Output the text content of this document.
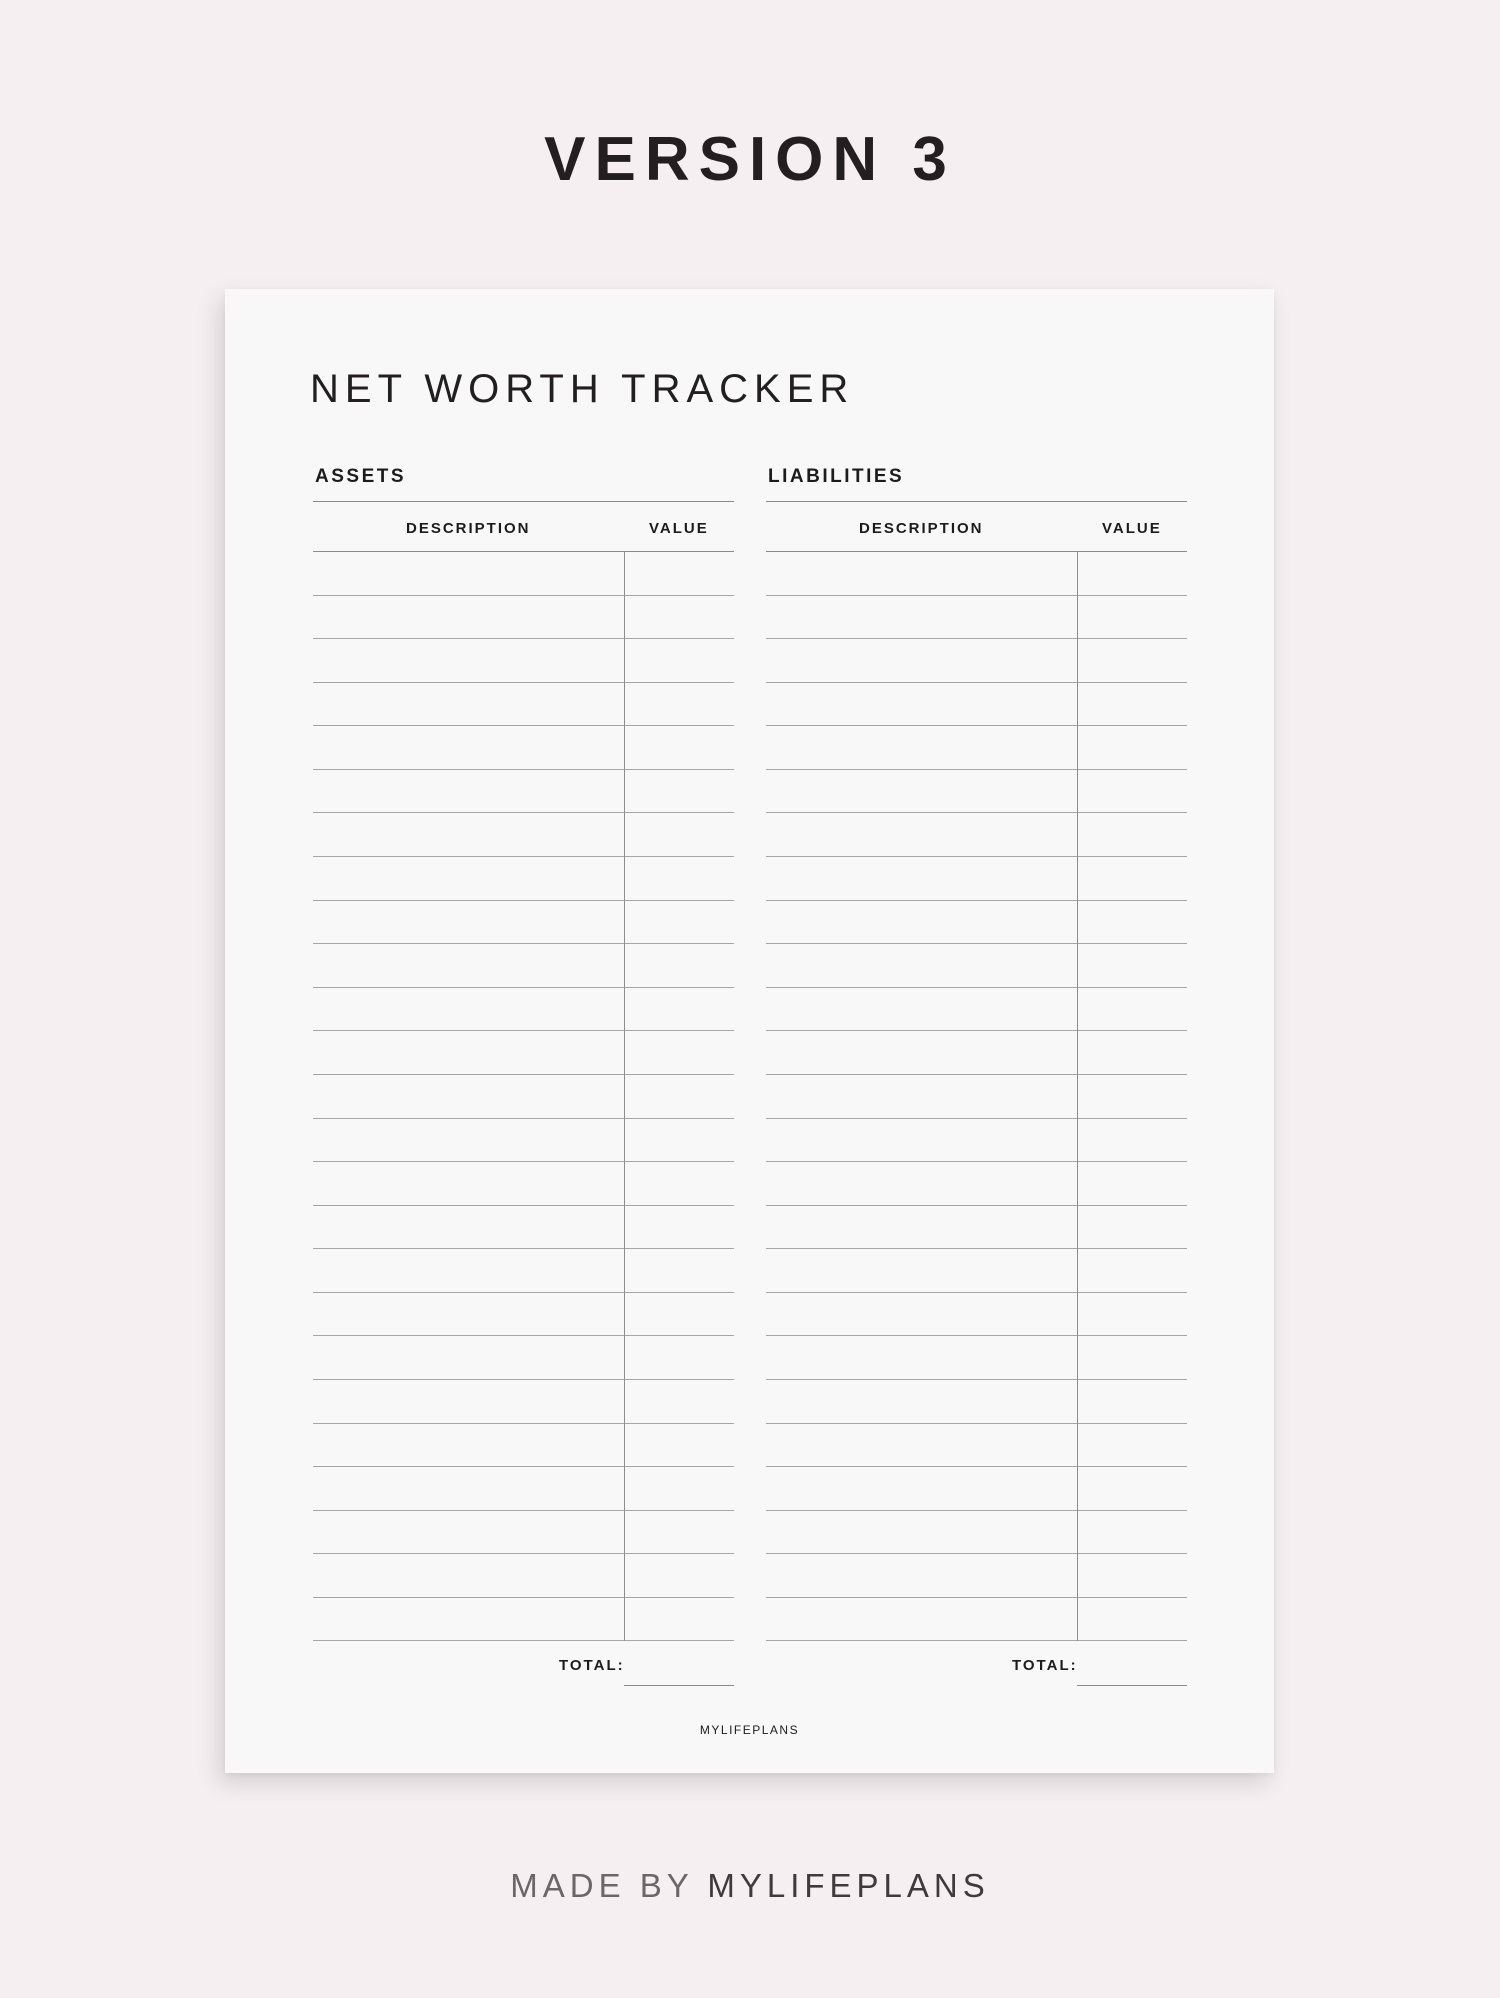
VERSION 3
NET WORTH TRACKER
ASSETS
DESCRIPTION	VALUE
TOTAL:
LIABILITIES
DESCRIPTION	VALUE
TOTAL:
MYLIFEPLANS
MADE BY MYLIFEPLANS
